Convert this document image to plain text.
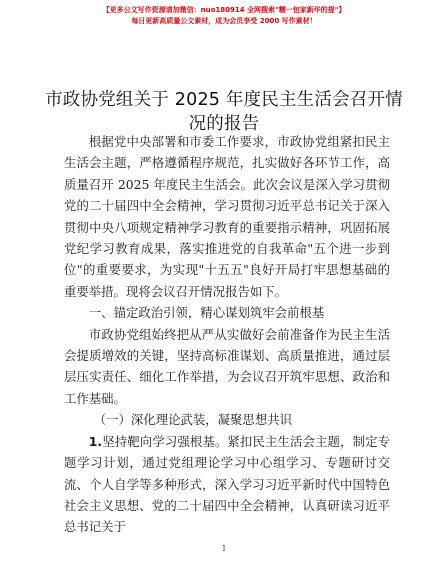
【更多公文写作资源请加微信：nuo180914 全网搜索"糯一包家新华的提"】
每日更新高质量公文素材，成为会员享受 2000 写作素材！
市政协党组关于 2025 年度民主生活会召开情况的报告

根据党中央部署和市委工作要求，市政协党组紧扣民主生活会主题，严格遵循程序规范，扎实做好各环节工作，高质量召开 2025 年度民主生活会。此次会议是深入学习贯彻党的二十届四中全会精神，学习贯彻习近平总书记关于深入贯彻中央八项规定精神学习教育的重要指示精神，巩固拓展党纪学习教育成果，落实推进党的自我革命"五个进一步到位"的重要要求，为实现"十五五"良好开局打牢思想基础的重要举措。现将会议召开情况报告如下。

一、锚定政治引领，精心谋划筑牢会前根基

市政协党组始终把从严从实做好会前准备作为民主生活会提质增效的关键，坚持高标准谋划、高质量推进，通过层层压实责任、细化工作举措，为会议召开筑牢思想、政治和工作基础。

（一）深化理论武装，凝聚思想共识

1.坚持靶向学习强根基。紧扣民主生活会主题，制定专题学习计划，通过党组理论学习中心组学习、专题研讨交流、个人自学等多种形式，深入学习习近平新时代中国特色社会主义思想、党的二十届四中全会精神，认真研读习近平总书记关于

1
